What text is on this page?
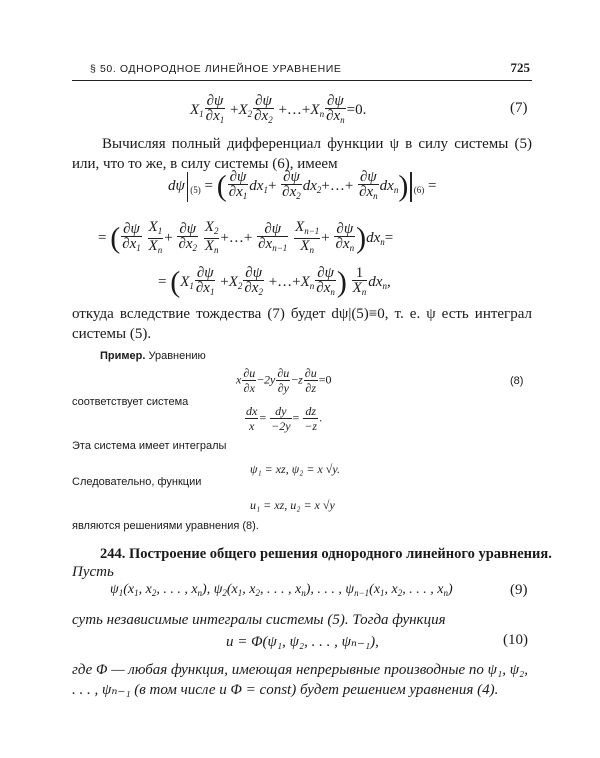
§ 50. ОДНОРОДНОЕ ЛИНЕЙНОЕ УРАВНЕНИЕ	725
$X_1 \frac{\partial\psi}{\partial x_1} +X_2 \frac{\partial\psi}{\partial x_2}$ $+\dots+X_n \frac{\partial\psi}{\partial x_n} =0$.	(7)
Вычисляя полный дифференциал функции ψ в силу системы (5) или, что то же, в силу системы (6), имеем
dψ $_{(5)}$ = ( $\frac{\partial\psi}{\partial x_1} dx_1+ \frac{\partial\psi}{\partial x_2}$ $dx_2+\dots+ \frac{\partial\psi}{\partial x_n} dx_n$) $_{(6)}$ =
= ( $\frac{\partial\psi}{\partial x_1}$
$\frac{X_1}{X_n} + \frac{\partial\psi}{\partial x_2}$
$\frac{X_2}{X_n}$ +…+ $\frac{\partial\psi}{\partial x_{n-1}}$
$\frac{X_{n-1}}{X_n} + \frac{\partial\psi}{\partial x_n} )dx_n=$
= ($X_1 \frac{\partial\psi}{\partial x_1} +X_2 \frac{\partial\psi}{\partial x_2}$ $+\dots+X_n \frac{\partial\psi}{\partial x_n}$ ) $\frac{1}{X_n} dx_n$,
откуда вследствие тождества (7) будет dψ|(5)≡0, т. е. ψ есть интеграл системы (5).
Пример. Уравнению
x $\frac{\partial u}{\partial x} -2y \frac{\partial u}{\partial y} -z \frac{\partial u}{\partial z} =0$	(8)
соответствует система
$\frac{dx}{x} = \frac{dy}{-2y} = \frac{dz}{-z}$ .
Эта система имеет интегралы
ψ₁ = xz, ψ₂ = x √y.
Следовательно, функции
u₁ = xz, u₂ = x √y
являются решениями уравнения (8).
244. Построение общего решения однородного линейного уравнения.
Пусть
$\psi_1(x_1$, $x_2$, . . . , $x_n$), $\psi_2(x_1$, $x_2$, . . . , $x_n$), . . . , $\psi_{n-1}(x_1$, $x_2$, . . . , $x_n$)	(9)
суть независимые интегралы системы (5). Тогда функция
u = Φ(ψ₁, ψ₂, . . . , ψₙ₋₁),	(10)
где Φ — любая функция, имеющая непрерывные производные по ψ₁, ψ₂,
. . . , ψₙ₋₁ (в том числе и Φ = const) будет решением уравнения (4).
